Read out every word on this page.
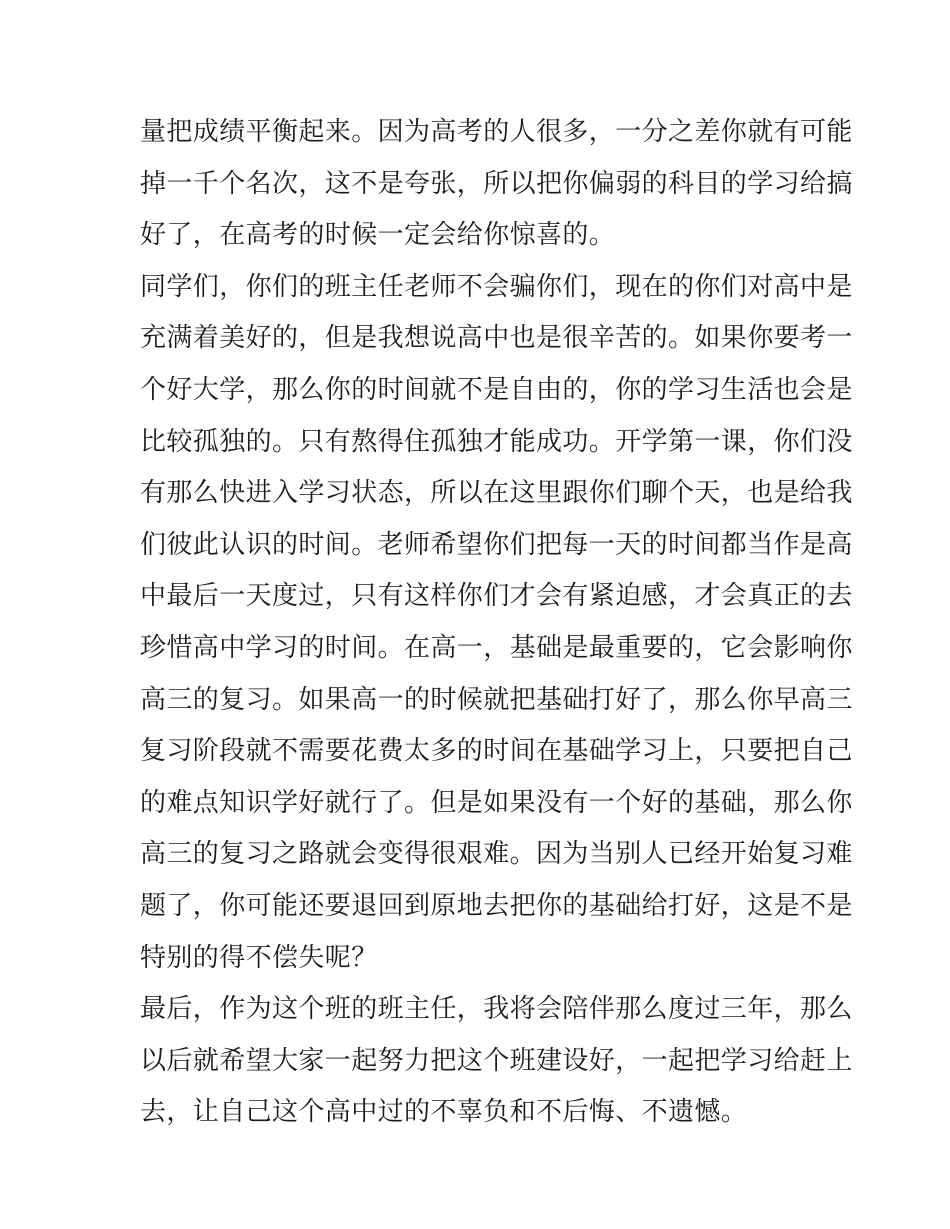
量把成绩平衡起来。因为高考的人很多，一分之差你就有可能
掉一千个名次，这不是夸张，所以把你偏弱的科目的学习给搞
好了，在高考的时候一定会给你惊喜的。
同学们，你们的班主任老师不会骗你们，现在的你们对高中是
充满着美好的，但是我想说高中也是很辛苦的。如果你要考一
个好大学，那么你的时间就不是自由的，你的学习生活也会是
比较孤独的。只有熬得住孤独才能成功。开学第一课，你们没
有那么快进入学习状态，所以在这里跟你们聊个天，也是给我
们彼此认识的时间。老师希望你们把每一天的时间都当作是高
中最后一天度过，只有这样你们才会有紧迫感，才会真正的去
珍惜高中学习的时间。在高一，基础是最重要的，它会影响你
高三的复习。如果高一的时候就把基础打好了，那么你早高三
复习阶段就不需要花费太多的时间在基础学习上，只要把自己
的难点知识学好就行了。但是如果没有一个好的基础，那么你
高三的复习之路就会变得很艰难。因为当别人已经开始复习难
题了，你可能还要退回到原地去把你的基础给打好，这是不是
特别的得不偿失呢？
最后，作为这个班的班主任，我将会陪伴那么度过三年，那么
以后就希望大家一起努力把这个班建设好，一起把学习给赶上
去，让自己这个高中过的不辜负和不后悔、不遗憾。
